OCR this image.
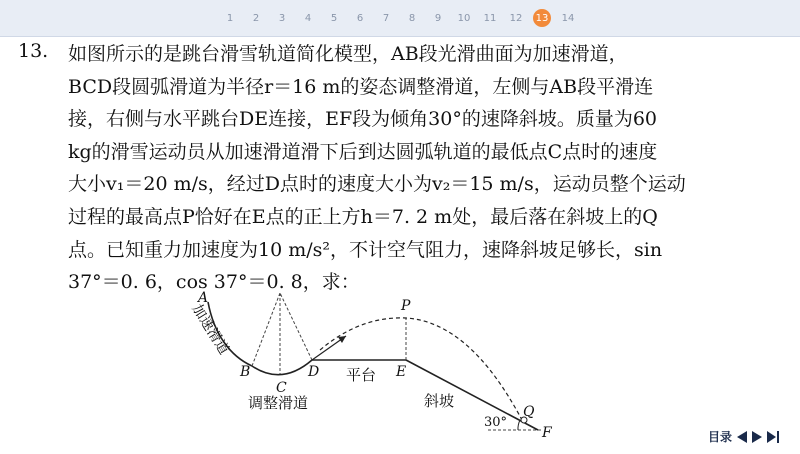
1	2	3	4	5	6	7	8	9	10	11	12	13	14
13. 如图所示的是跳台滑雪轨道简化模型，AB段光滑曲面为加速滑道，
BCD段圆弧滑道为半径r＝16 m的姿态调整滑道，左侧与AB段平滑连
接，右侧与水平跳台DE连接，EF段为倾角30°的速降斜坡。质量为60
kg的滑雪运动员从加速滑道滑下后到达圆弧轨道的最低点C点时的速度
大小v₁＝20 m/s，经过D点时的速度大小为v₂＝15 m/s，运动员整个运动
过程的最高点P恰好在E点的正上方h＝7. 2 m处，最后落在斜坡上的Q
点。已知重力加速度为10 m/s²，不计空气阻力，速降斜坡足够长，sin
37°＝0. 6，cos 37°＝0. 8，求：
A
B
C
D	E
P
Q
F
加速滑道
调整滑道
平台
斜坡
30°
目录
